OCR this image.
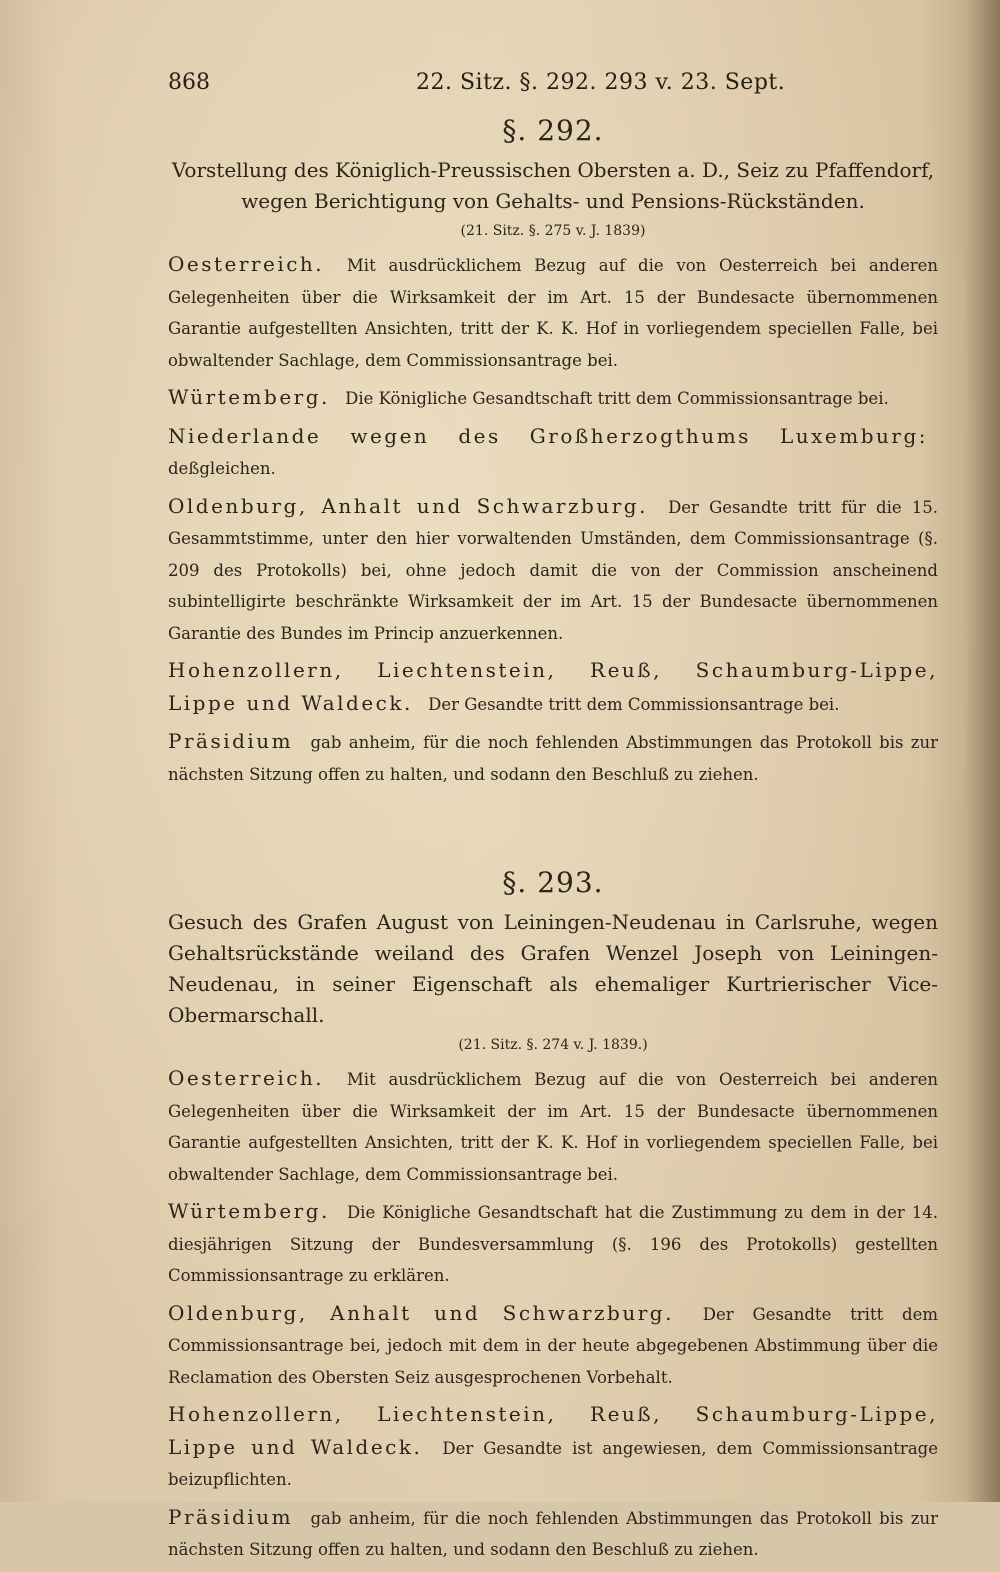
868	22. Sitz. §. 292. 293 v. 23. Sept.
§. 292.
Vorstellung des Königlich-Preussischen Obersten a. D., Seiz zu Pfaffendorf, wegen Berichtigung von Gehalts- und Pensions-Rückständen.
(21. Sitz. §. 275 v. J. 1839)

Oesterreich. Mit ausdrücklichem Bezug auf die von Oesterreich bei anderen Gelegenheiten über die Wirksamkeit der im Art. 15 der Bundesacte übernommenen Garantie aufgestellten Ansichten, tritt der K. K. Hof in vorliegendem speciellen Falle, bei obwaltender Sachlage, dem Commissionsantrage bei.

Würtemberg. Die Königliche Gesandtschaft tritt dem Commissionsantrage bei.

Niederlande wegen des Großherzogthums Luxemburg: deßgleichen.

Oldenburg, Anhalt und Schwarzburg. Der Gesandte tritt für die 15. Gesammtstimme, unter den hier vorwaltenden Umständen, dem Commissionsantrage (§. 209 des Protokolls) bei, ohne jedoch damit die von der Commission anscheinend subintelligirte beschränkte Wirksamkeit der im Art. 15 der Bundesacte übernommenen Garantie des Bundes im Princip anzuerkennen.

Hohenzollern, Liechtenstein, Reuß, Schaumburg-Lippe, Lippe und Waldeck. Der Gesandte tritt dem Commissionsantrage bei.

Präsidium gab anheim, für die noch fehlenden Abstimmungen das Protokoll bis zur nächsten Sitzung offen zu halten, und sodann den Beschluß zu ziehen.

§. 293.
Gesuch des Grafen August von Leiningen-Neudenau in Carlsruhe, wegen Gehaltsrückstände weiland des Grafen Wenzel Joseph von Leiningen-Neudenau, in seiner Eigenschaft als ehemaliger Kurtrierischer Vice-Obermarschall.
(21. Sitz. §. 274 v. J. 1839.)

Oesterreich. Mit ausdrücklichem Bezug auf die von Oesterreich bei anderen Gelegenheiten über die Wirksamkeit der im Art. 15 der Bundesacte übernommenen Garantie aufgestellten Ansichten, tritt der K. K. Hof in vorliegendem speciellen Falle, bei obwaltender Sachlage, dem Commissionsantrage bei.

Würtemberg. Die Königliche Gesandtschaft hat die Zustimmung zu dem in der 14. diesjährigen Sitzung der Bundesversammlung (§. 196 des Protokolls) gestellten Commissionsantrage zu erklären.

Oldenburg, Anhalt und Schwarzburg. Der Gesandte tritt dem Commissionsantrage bei, jedoch mit dem in der heute abgegebenen Abstimmung über die Reclamation des Obersten Seiz ausgesprochenen Vorbehalt.

Hohenzollern, Liechtenstein, Reuß, Schaumburg-Lippe, Lippe und Waldeck. Der Gesandte ist angewiesen, dem Commissionsantrage beizupflichten.

Präsidium gab anheim, für die noch fehlenden Abstimmungen das Protokoll bis zur nächsten Sitzung offen zu halten, und sodann den Beschluß zu ziehen.
